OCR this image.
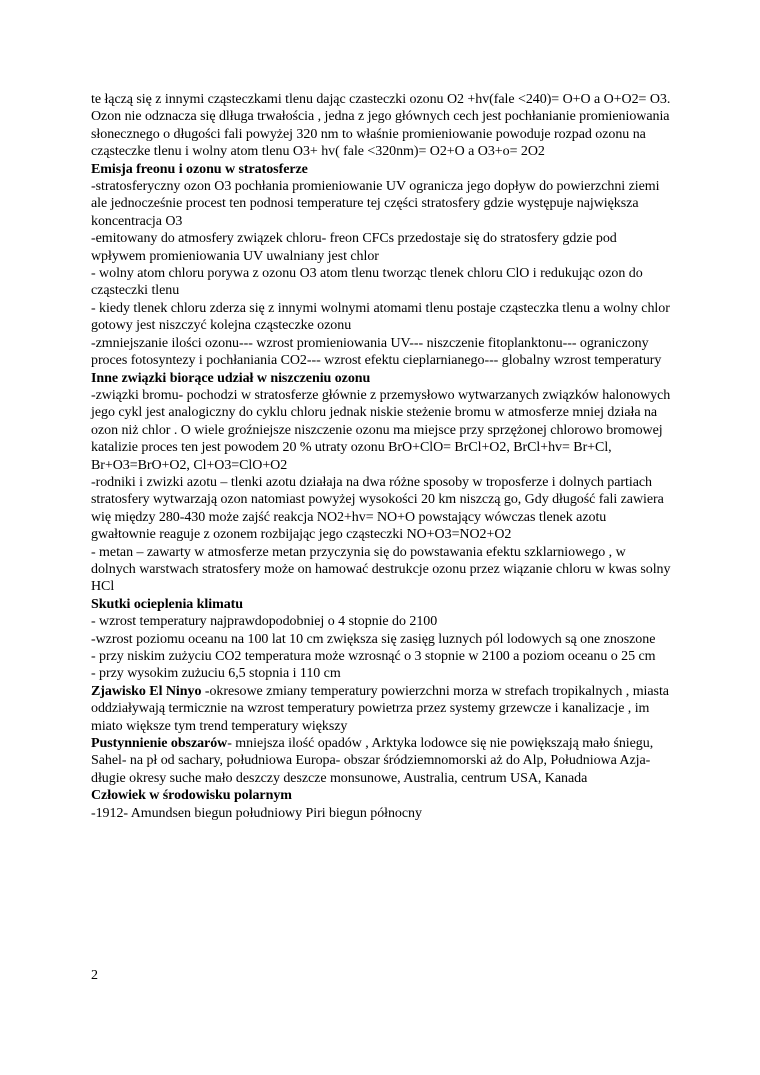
te łączą się z innymi cząsteczkami tlenu dając czasteczki ozonu O2 +hv(fale <240)= O+O a O+O2= O3. Ozon nie odznacza się dlługa trwałościa , jedna z jego głównych cech jest pochłanianie promieniowania słonecznego o długości fali powyżej 320 nm to właśnie promieniowanie powoduje rozpad ozonu na cząsteczke tlenu i wolny atom tlenu O3+ hv( fale <320nm)= O2+O a O3+o= 2O2

Emisja freonu i ozonu w stratosferze

-stratosferyczny ozon O3 pochłania promieniowanie UV ogranicza jego dopływ do powierzchni ziemi ale jednocześnie procest ten podnosi temperature tej części stratosfery gdzie występuje największa koncentracja O3

-emitowany do atmosfery związek chloru- freon CFCs przedostaje się do stratosfery gdzie pod wpływem promieniowania UV uwalniany jest chlor

- wolny atom chloru porywa z ozonu O3 atom tlenu tworząc tlenek chloru ClO i redukując ozon do cząsteczki tlenu

- kiedy tlenek chloru zderza się z innymi wolnymi atomami tlenu postaje cząsteczka tlenu a wolny chlor gotowy jest niszczyć kolejna cząsteczke ozonu

-zmniejszanie ilości ozonu--- wzrost promieniowania UV--- niszczenie fitoplanktonu--- ograniczony proces fotosyntezy i pochłaniania CO2--- wzrost efektu cieplarnianego--- globalny wzrost temperatury

Inne związki biorące udział w niszczeniu ozonu

-związki bromu- pochodzi w stratosferze głównie z przemysłowo wytwarzanych związków halonowych jego cykl jest analogiczny do cyklu chloru jednak niskie steżenie bromu w atmosferze mniej działa na ozon niż chlor . O wiele groźniejsze niszczenie ozonu ma miejsce przy sprzężonej chlorowo bromowej katalizie proces ten jest powodem 20 % utraty ozonu BrO+ClO= BrCl+O2, BrCl+hv= Br+Cl, Br+O3=BrO+O2, Cl+O3=ClO+O2

-rodniki i zwizki azotu – tlenki azotu działaja na dwa różne sposoby w troposferze i dolnych partiach stratosfery wytwarzają ozon natomiast powyżej wysokości 20 km niszczą go, Gdy długość fali zawiera wię między 280-430 może zajść reakcja NO2+hv= NO+O powstający wówczas tlenek azotu gwałtownie reaguje z ozonem rozbijając jego cząsteczki NO+O3=NO2+O2

- metan – zawarty w atmosferze metan przyczynia się do powstawania efektu szklarniowego , w dolnych warstwach stratosfery może on hamować destrukcje ozonu przez wiązanie chloru w kwas solny HCl

Skutki ocieplenia klimatu

- wzrost temperatury najprawdopodobniej o 4 stopnie do 2100

-wzrost poziomu oceanu na 100 lat 10 cm zwiększa się zasięg luznych pól lodowych są one znoszone

- przy niskim zużyciu CO2 temperatura może wzrosnąć o 3 stopnie w 2100 a poziom oceanu o 25 cm

- przy wysokim zużuciu 6,5 stopnia i 110 cm

Zjawisko El Ninyo -okresowe zmiany temperatury powierzchni morza w strefach tropikalnych , miasta oddziaływają termicznie na wzrost temperatury powietrza przez systemy grzewcze i kanalizacje , im miato większe tym trend temperatury większy

Pustynnienie obszarów- mniejsza ilość opadów , Arktyka lodowce się nie powiększają mało śniegu, Sahel- na pł od sachary, południowa Europa- obszar śródziemnomorski aż do Alp, Południowa Azja- długie okresy suche mało deszczy deszcze monsunowe, Australia, centrum USA, Kanada

Człowiek w środowisku polarnym

-1912- Amundsen biegun południowy Piri biegun północny

2
